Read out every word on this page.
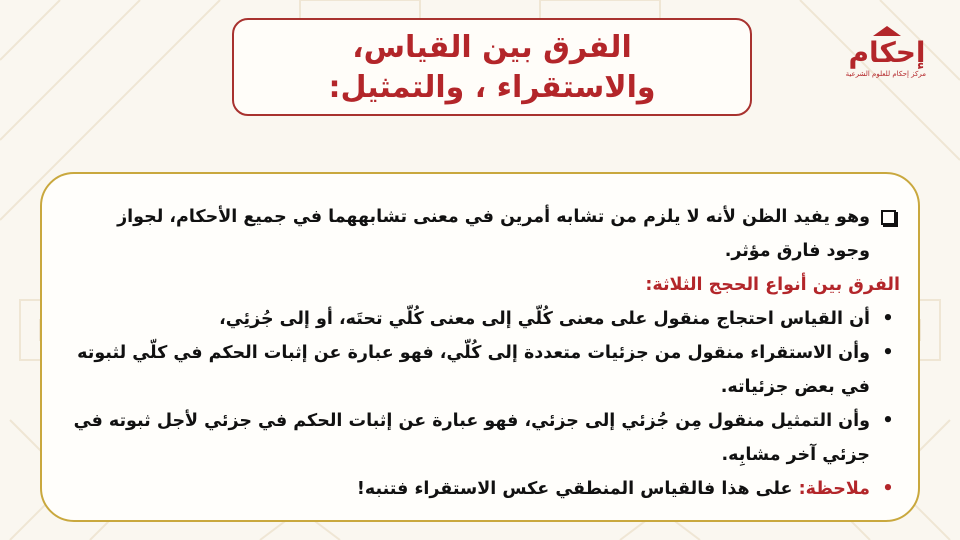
الفرق بين القياس،
والاستقراء ، والتمثيل:
إحكام
مركز إحكام للعلوم الشرعية
وهو يفيد الظن لأنه لا يلزم من تشابه أمرين في معنى تشابههما في جميع الأحكام، لجواز وجود فارق مؤثر.
الفرق بين أنواع الحجج الثلاثة:
•
أن القياس احتجاج منقول على معنى كُلّي إلى معنى كُلّي تحتَه، أو إلى جُزئِي،
•
وأن الاستقراء منقول من جزئيات متعددة إلى كُلّي، فهو عبارة عن إثبات الحكم في كلّي لثبوته في بعض جزئياته.
•
وأن التمثيل منقول مِن جُزئي إلى جزئي، فهو عبارة عن إثبات الحكم في جزئي لأجل ثبوته في جزئي آخر مشابِه.
•
ملاحظة: على هذا فالقياس المنطقي عكس الاستقراء فتنبه!
